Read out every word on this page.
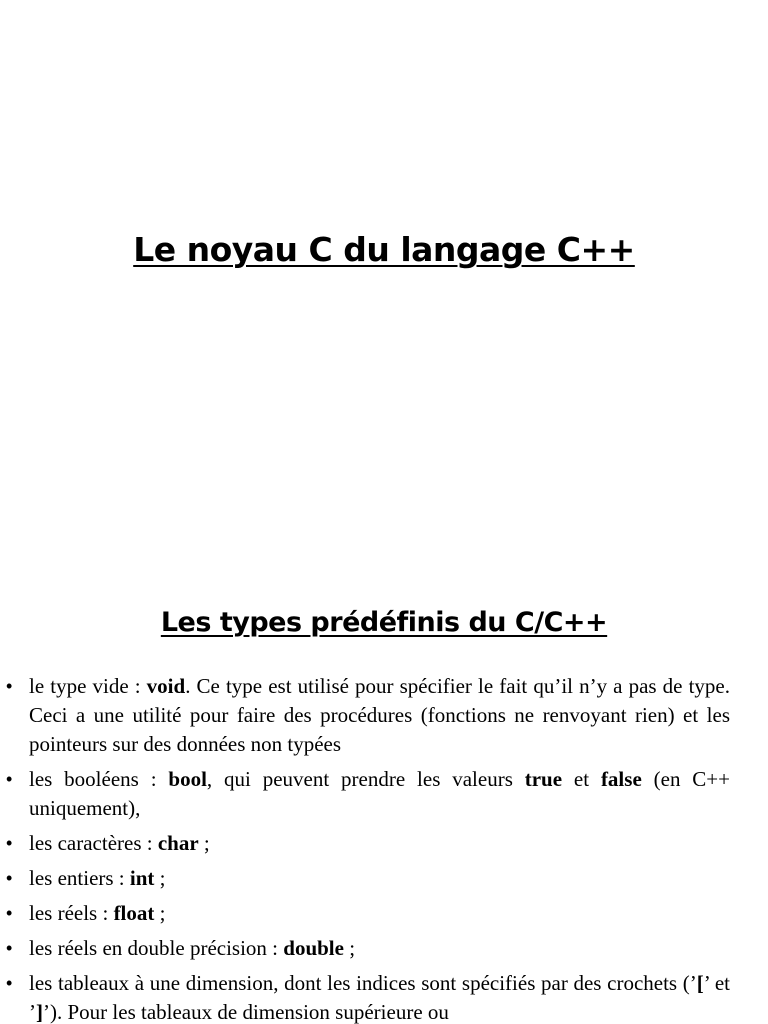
Le noyau C du langage C++
Les types prédéfinis du C/C++
• le type vide : void. Ce type est utilisé pour spécifier le fait qu’il n’y a pas de type. Ceci a une utilité pour faire des procédures (fonctions ne renvoyant rien) et les pointeurs sur des données non typées
• les booléens : bool, qui peuvent prendre les valeurs true et false (en C++ uniquement),
• les caractères : char ;
• les entiers : int ;
• les réels : float ;
• les réels en double précision : double ;
• les tableaux à une dimension, dont les indices sont spécifiés par des crochets (’[’ et ’]’). Pour les tableaux de dimension supérieure ou
